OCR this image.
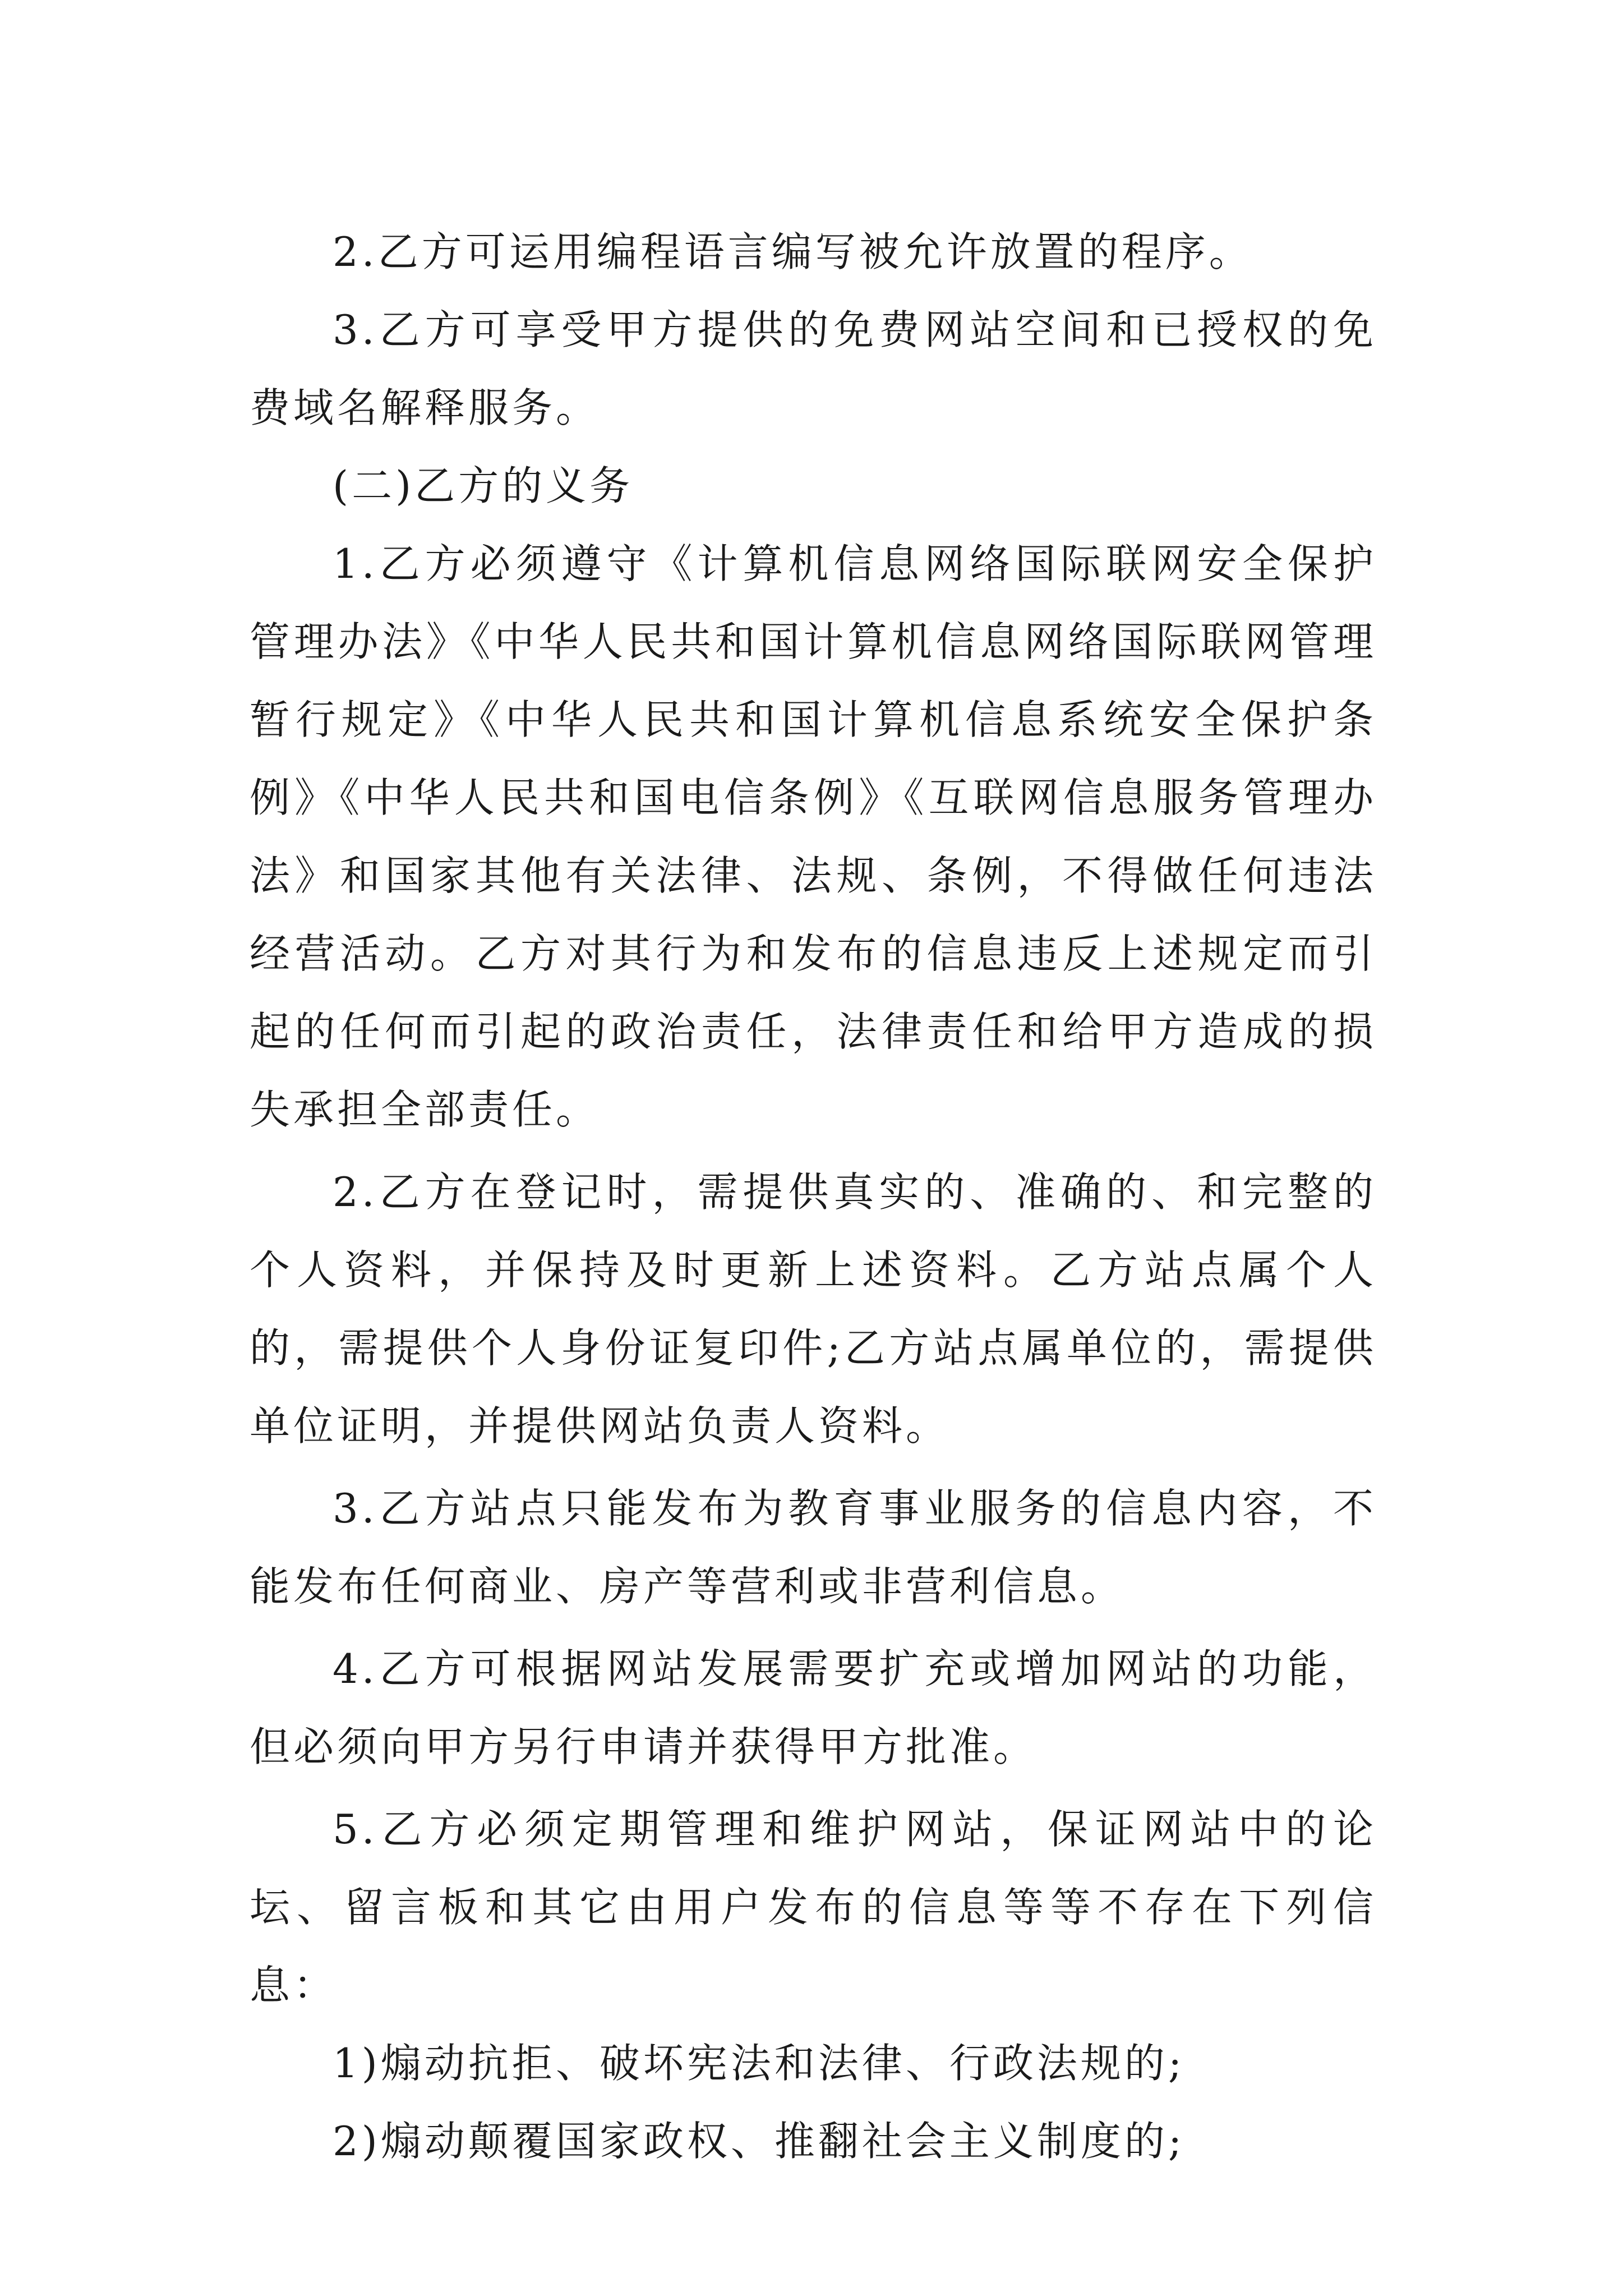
2.乙方可运用编程语言编写被允许放置的程序。

3.乙方可享受甲方提供的免费网站空间和已授权的免费域名解释服务。

(二)乙方的义务

1.乙方必须遵守《计算机信息网络国际联网安全保护管理办法》《中华人民共和国计算机信息网络国际联网管理暂行规定》《中华人民共和国计算机信息系统安全保护条例》《中华人民共和国电信条例》《互联网信息服务管理办法》和国家其他有关法律、法规、条例，不得做任何违法经营活动。乙方对其行为和发布的信息违反上述规定而引起的任何而引起的政治责任，法律责任和给甲方造成的损失承担全部责任。

2.乙方在登记时，需提供真实的、准确的、和完整的个人资料，并保持及时更新上述资料。乙方站点属个人的，需提供个人身份证复印件;乙方站点属单位的，需提供单位证明，并提供网站负责人资料。

3.乙方站点只能发布为教育事业服务的信息内容，不能发布任何商业、房产等营利或非营利信息。

4.乙方可根据网站发展需要扩充或增加网站的功能，但必须向甲方另行申请并获得甲方批准。

5.乙方必须定期管理和维护网站，保证网站中的论坛、留言板和其它由用户发布的信息等等不存在下列信息：

1)煽动抗拒、破坏宪法和法律、行政法规的;

2)煽动颠覆国家政权、推翻社会主义制度的;
